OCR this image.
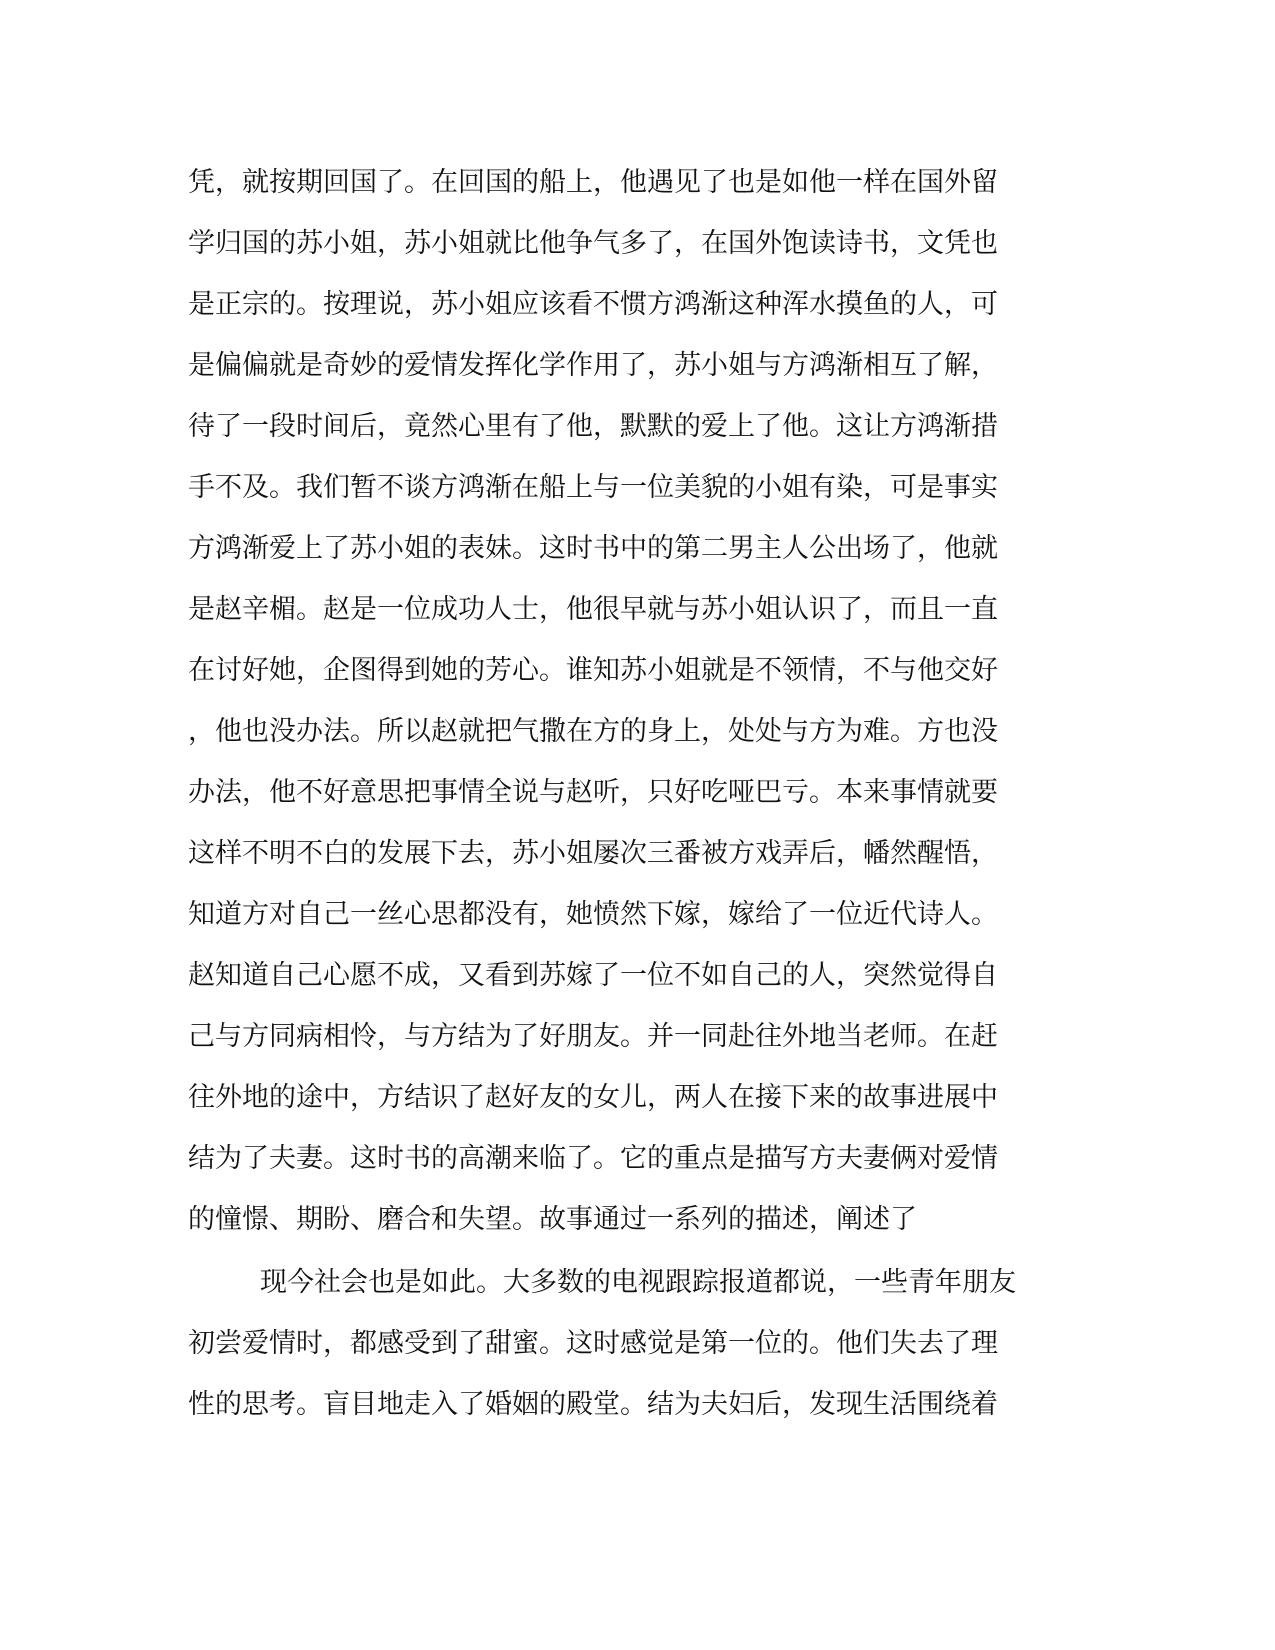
凭，就按期回国了。在回国的船上，他遇见了也是如他一样在国外留
学归国的苏小姐，苏小姐就比他争气多了，在国外饱读诗书，文凭也
是正宗的。按理说，苏小姐应该看不惯方鸿渐这种浑水摸鱼的人，可
是偏偏就是奇妙的爱情发挥化学作用了，苏小姐与方鸿渐相互了解，
待了一段时间后，竟然心里有了他，默默的爱上了他。这让方鸿渐措
手不及。我们暂不谈方鸿渐在船上与一位美貌的小姐有染，可是事实
方鸿渐爱上了苏小姐的表妹。这时书中的第二男主人公出场了，他就
是赵辛楣。赵是一位成功人士，他很早就与苏小姐认识了，而且一直
在讨好她，企图得到她的芳心。谁知苏小姐就是不领情，不与他交好
，他也没办法。所以赵就把气撒在方的身上，处处与方为难。方也没
办法，他不好意思把事情全说与赵听，只好吃哑巴亏。本来事情就要
这样不明不白的发展下去，苏小姐屡次三番被方戏弄后，幡然醒悟，
知道方对自己一丝心思都没有，她愤然下嫁，嫁给了一位近代诗人。
赵知道自己心愿不成，又看到苏嫁了一位不如自己的人，突然觉得自
己与方同病相怜，与方结为了好朋友。并一同赴往外地当老师。在赶
往外地的途中，方结识了赵好友的女儿，两人在接下来的故事进展中
结为了夫妻。这时书的高潮来临了。它的重点是描写方夫妻俩对爱情
的憧憬、期盼、磨合和失望。故事通过一系列的描述，阐述了
现今社会也是如此。大多数的电视跟踪报道都说，一些青年朋友
初尝爱情时，都感受到了甜蜜。这时感觉是第一位的。他们失去了理
性的思考。盲目地走入了婚姻的殿堂。结为夫妇后，发现生活围绕着
